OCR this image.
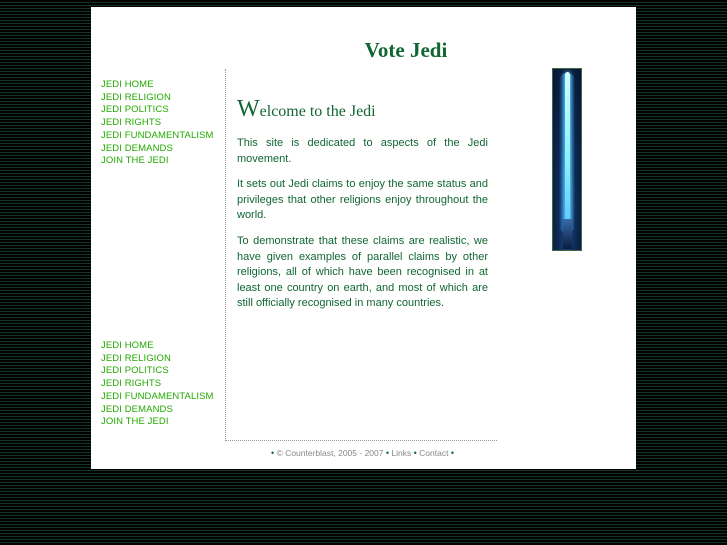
Vote Jedi
JEDI HOME
JEDI RELIGION
JEDI POLITICS
JEDI RIGHTS
JEDI FUNDAMENTALISM
JEDI DEMANDS
JOIN THE JEDI
Welcome to the Jedi

This site is dedicated to aspects of the Jedi movement.

It sets out Jedi claims to enjoy the same status and privileges that other religions enjoy throughout the world.

To demonstrate that these claims are realistic, we have given examples of parallel claims by other religions, all of which have been recognised in at least one country on earth, and most of which are still officially recognised in many countries.

JEDI HOME
JEDI RELIGION
JEDI POLITICS
JEDI RIGHTS
JEDI FUNDAMENTALISM
JEDI DEMANDS
JOIN THE JEDI
• © Counterblast, 2005 - 2007 • Links • Contact •
